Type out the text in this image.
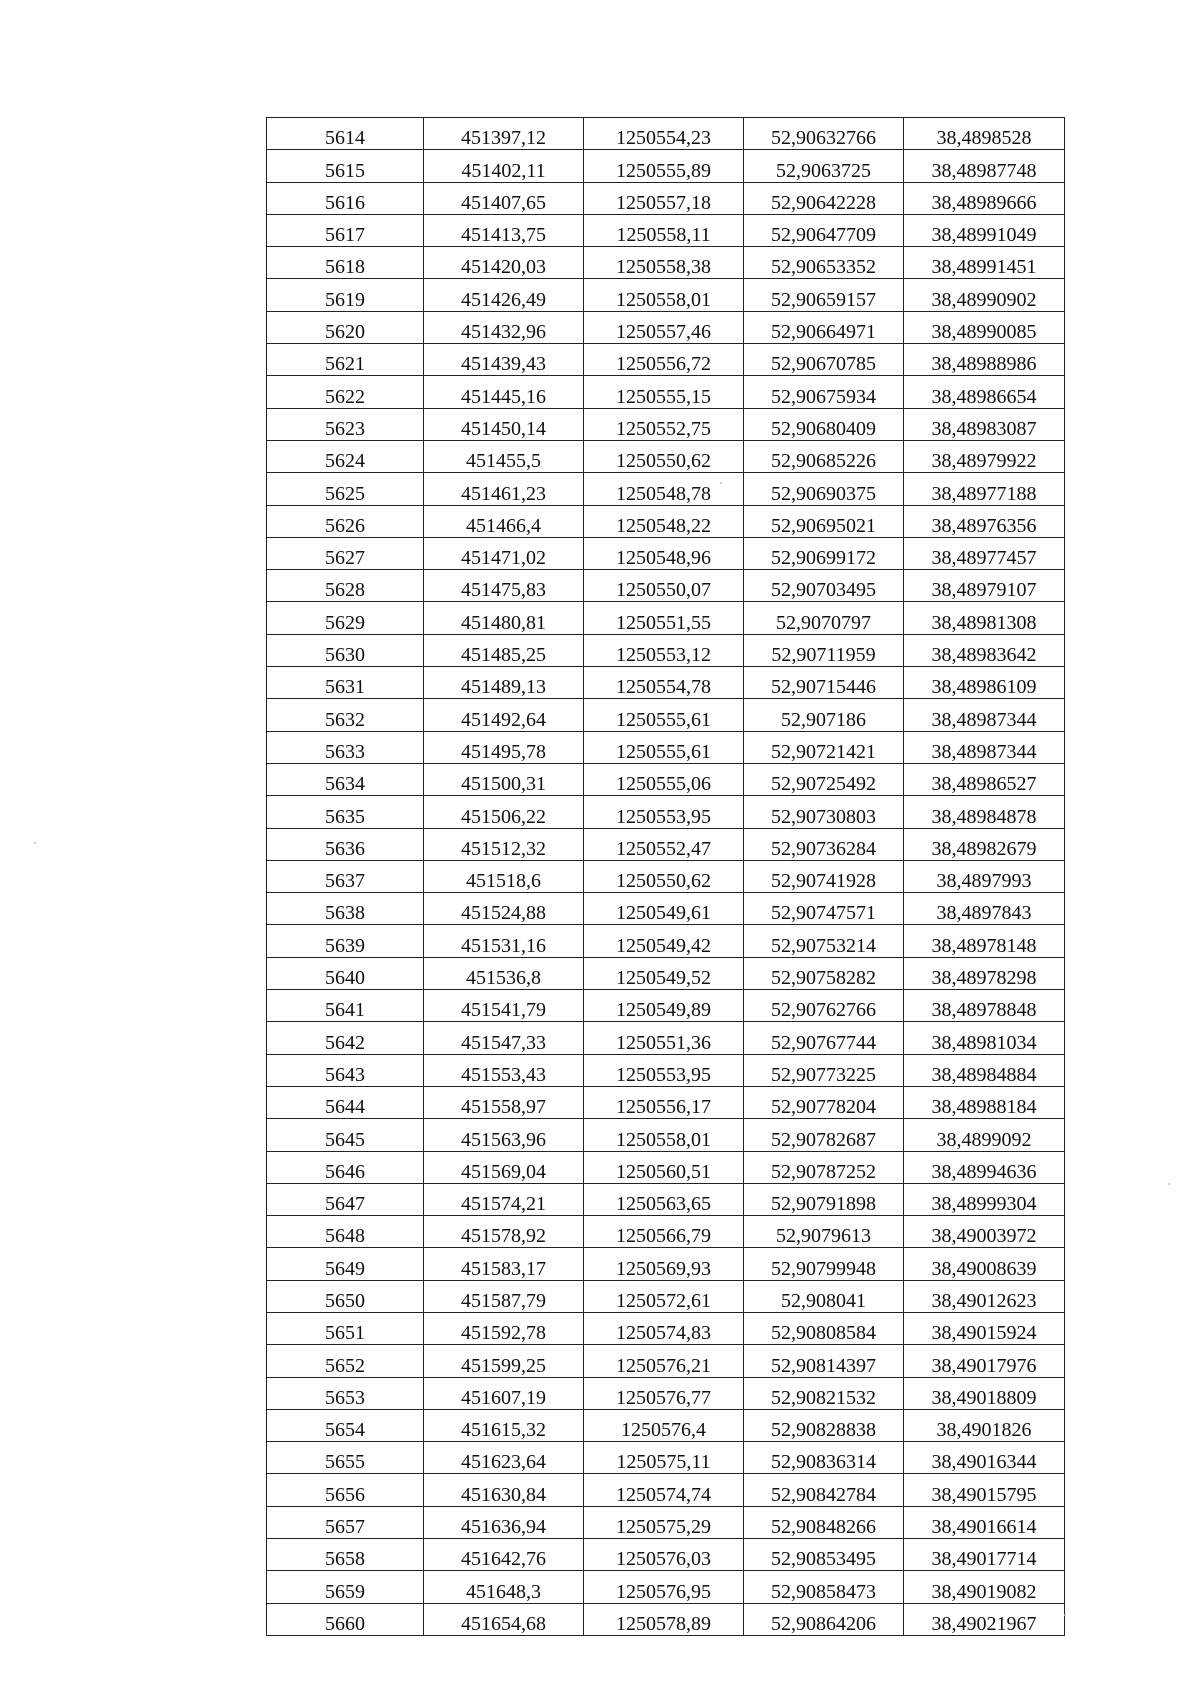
5614	451397,12	1250554,23	52,90632766	38,4898528
5615	451402,11	1250555,89	52,9063725	38,48987748
5616	451407,65	1250557,18	52,90642228	38,48989666
5617	451413,75	1250558,11	52,90647709	38,48991049
5618	451420,03	1250558,38	52,90653352	38,48991451
5619	451426,49	1250558,01	52,90659157	38,48990902
5620	451432,96	1250557,46	52,90664971	38,48990085
5621	451439,43	1250556,72	52,90670785	38,48988986
5622	451445,16	1250555,15	52,90675934	38,48986654
5623	451450,14	1250552,75	52,90680409	38,48983087
5624	451455,5	1250550,62	52,90685226	38,48979922
5625	451461,23	1250548,78	52,90690375	38,48977188
5626	451466,4	1250548,22	52,90695021	38,48976356
5627	451471,02	1250548,96	52,90699172	38,48977457
5628	451475,83	1250550,07	52,90703495	38,48979107
5629	451480,81	1250551,55	52,9070797	38,48981308
5630	451485,25	1250553,12	52,90711959	38,48983642
5631	451489,13	1250554,78	52,90715446	38,48986109
5632	451492,64	1250555,61	52,907186	38,48987344
5633	451495,78	1250555,61	52,90721421	38,48987344
5634	451500,31	1250555,06	52,90725492	38,48986527
5635	451506,22	1250553,95	52,90730803	38,48984878
5636	451512,32	1250552,47	52,90736284	38,48982679
5637	451518,6	1250550,62	52,90741928	38,4897993
5638	451524,88	1250549,61	52,90747571	38,4897843
5639	451531,16	1250549,42	52,90753214	38,48978148
5640	451536,8	1250549,52	52,90758282	38,48978298
5641	451541,79	1250549,89	52,90762766	38,48978848
5642	451547,33	1250551,36	52,90767744	38,48981034
5643	451553,43	1250553,95	52,90773225	38,48984884
5644	451558,97	1250556,17	52,90778204	38,48988184
5645	451563,96	1250558,01	52,90782687	38,4899092
5646	451569,04	1250560,51	52,90787252	38,48994636
5647	451574,21	1250563,65	52,90791898	38,48999304
5648	451578,92	1250566,79	52,9079613	38,49003972
5649	451583,17	1250569,93	52,90799948	38,49008639
5650	451587,79	1250572,61	52,908041	38,49012623
5651	451592,78	1250574,83	52,90808584	38,49015924
5652	451599,25	1250576,21	52,90814397	38,49017976
5653	451607,19	1250576,77	52,90821532	38,49018809
5654	451615,32	1250576,4	52,90828838	38,4901826
5655	451623,64	1250575,11	52,90836314	38,49016344
5656	451630,84	1250574,74	52,90842784	38,49015795
5657	451636,94	1250575,29	52,90848266	38,49016614
5658	451642,76	1250576,03	52,90853495	38,49017714
5659	451648,3	1250576,95	52,90858473	38,49019082
5660	451654,68	1250578,89	52,90864206	38,49021967
